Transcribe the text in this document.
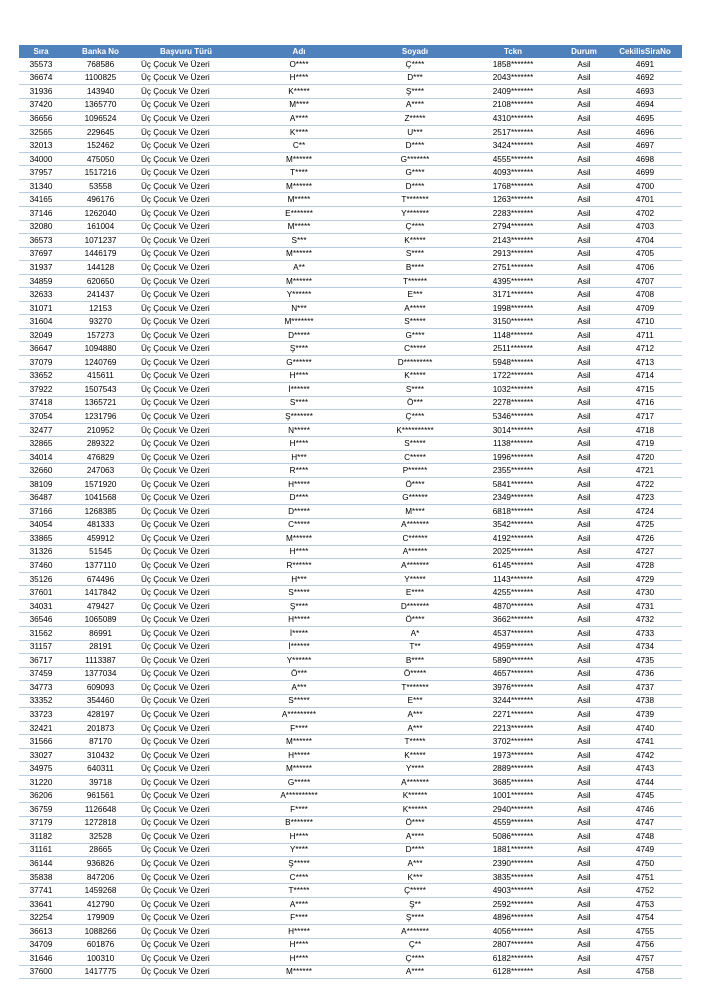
Sıra	Banka No	Başvuru Türü	Adı	Soyadı	Tckn	Durum	CekilisSiraNo
35573	768586	Üç Çocuk Ve Üzeri	O****	Ç****	1858*******	Asil	4691
36674	1100825	Üç Çocuk Ve Üzeri	H****	D***	2043*******	Asil	4692
31936	143940	Üç Çocuk Ve Üzeri	K*****	Ş****	2409*******	Asil	4693
37420	1365770	Üç Çocuk Ve Üzeri	M****	A****	2108*******	Asil	4694
36656	1096524	Üç Çocuk Ve Üzeri	A****	Z*****	4310*******	Asil	4695
32565	229645	Üç Çocuk Ve Üzeri	K****	U***	2517*******	Asil	4696
32013	152462	Üç Çocuk Ve Üzeri	C**	D****	3424*******	Asil	4697
34000	475050	Üç Çocuk Ve Üzeri	M******	G*******	4555*******	Asil	4698
37957	1517216	Üç Çocuk Ve Üzeri	T****	G****	4093*******	Asil	4699
31340	53558	Üç Çocuk Ve Üzeri	M******	D****	1768*******	Asil	4700
34165	496176	Üç Çocuk Ve Üzeri	M*****	T*******	1263*******	Asil	4701
37146	1262040	Üç Çocuk Ve Üzeri	E*******	Y*******	2283*******	Asil	4702
32080	161004	Üç Çocuk Ve Üzeri	M*****	Ç****	2794*******	Asil	4703
36573	1071237	Üç Çocuk Ve Üzeri	S***	K*****	2143*******	Asil	4704
37697	1446179	Üç Çocuk Ve Üzeri	M******	S****	2913*******	Asil	4705
31937	144128	Üç Çocuk Ve Üzeri	A**	B****	2751*******	Asil	4706
34859	620650	Üç Çocuk Ve Üzeri	M******	T******	4395*******	Asil	4707
32633	241437	Üç Çocuk Ve Üzeri	Y******	E***	3171*******	Asil	4708
31071	12153	Üç Çocuk Ve Üzeri	N***	A*****	1998*******	Asil	4709
31604	93270	Üç Çocuk Ve Üzeri	M*******	S*****	3150*******	Asil	4710
32049	157273	Üç Çocuk Ve Üzeri	D*****	G****	1148*******	Asil	4711
36647	1094880	Üç Çocuk Ve Üzeri	Ş****	C*****	2511*******	Asil	4712
37079	1240769	Üç Çocuk Ve Üzeri	G******	D*********	5948*******	Asil	4713
33652	415611	Üç Çocuk Ve Üzeri	H****	K*****	1722*******	Asil	4714
37922	1507543	Üç Çocuk Ve Üzeri	İ******	S****	1032*******	Asil	4715
37418	1365721	Üç Çocuk Ve Üzeri	S****	Ö***	2278*******	Asil	4716
37054	1231796	Üç Çocuk Ve Üzeri	Ş*******	Ç****	5346*******	Asil	4717
32477	210952	Üç Çocuk Ve Üzeri	N*****	K**********	3014*******	Asil	4718
32865	289322	Üç Çocuk Ve Üzeri	H****	S*****	1138*******	Asil	4719
34014	476829	Üç Çocuk Ve Üzeri	H***	C*****	1996*******	Asil	4720
32660	247063	Üç Çocuk Ve Üzeri	R****	P******	2355*******	Asil	4721
38109	1571920	Üç Çocuk Ve Üzeri	H*****	Ö****	5841*******	Asil	4722
36487	1041568	Üç Çocuk Ve Üzeri	D****	G******	2349*******	Asil	4723
37166	1268385	Üç Çocuk Ve Üzeri	D*****	M****	6818*******	Asil	4724
34054	481333	Üç Çocuk Ve Üzeri	C*****	A*******	3542*******	Asil	4725
33865	459912	Üç Çocuk Ve Üzeri	M******	C******	4192*******	Asil	4726
31326	51545	Üç Çocuk Ve Üzeri	H****	A******	2025*******	Asil	4727
37460	1377110	Üç Çocuk Ve Üzeri	R******	A*******	6145*******	Asil	4728
35126	674496	Üç Çocuk Ve Üzeri	H***	Y*****	1143*******	Asil	4729
37601	1417842	Üç Çocuk Ve Üzeri	S*****	E****	4255*******	Asil	4730
34031	479427	Üç Çocuk Ve Üzeri	Ş****	D*******	4870*******	Asil	4731
36546	1065089	Üç Çocuk Ve Üzeri	H*****	Ö****	3662*******	Asil	4732
31562	86991	Üç Çocuk Ve Üzeri	İ*****	A*	4537*******	Asil	4733
31157	28191	Üç Çocuk Ve Üzeri	İ******	T**	4959*******	Asil	4734
36717	1113387	Üç Çocuk Ve Üzeri	Y******	B****	5890*******	Asil	4735
37459	1377034	Üç Çocuk Ve Üzeri	Ö***	Ö*****	4657*******	Asil	4736
34773	609093	Üç Çocuk Ve Üzeri	A***	T*******	3976*******	Asil	4737
33352	354460	Üç Çocuk Ve Üzeri	S*****	E***	3244*******	Asil	4738
33723	428197	Üç Çocuk Ve Üzeri	A*********	A***	2271*******	Asil	4739
32421	201873	Üç Çocuk Ve Üzeri	F****	A***	2213*******	Asil	4740
31566	87170	Üç Çocuk Ve Üzeri	M******	T*****	3702*******	Asil	4741
33027	310432	Üç Çocuk Ve Üzeri	H*****	K*****	1973*******	Asil	4742
34975	640311	Üç Çocuk Ve Üzeri	M******	Y****	2889*******	Asil	4743
31220	39718	Üç Çocuk Ve Üzeri	G*****	A*******	3685*******	Asil	4744
36206	961561	Üç Çocuk Ve Üzeri	A**********	K******	1001*******	Asil	4745
36759	1126648	Üç Çocuk Ve Üzeri	F****	K******	2940*******	Asil	4746
37179	1272818	Üç Çocuk Ve Üzeri	B*******	Ö****	4559*******	Asil	4747
31182	32528	Üç Çocuk Ve Üzeri	H****	A****	5086*******	Asil	4748
31161	28665	Üç Çocuk Ve Üzeri	Y****	D****	1881*******	Asil	4749
36144	936826	Üç Çocuk Ve Üzeri	Ş*****	A***	2390*******	Asil	4750
35838	847206	Üç Çocuk Ve Üzeri	C****	K***	3835*******	Asil	4751
37741	1459268	Üç Çocuk Ve Üzeri	T*****	Ç*****	4903*******	Asil	4752
33641	412790	Üç Çocuk Ve Üzeri	A****	Ş**	2592*******	Asil	4753
32254	179909	Üç Çocuk Ve Üzeri	F****	Ş****	4896*******	Asil	4754
36613	1088266	Üç Çocuk Ve Üzeri	H*****	A*******	4056*******	Asil	4755
34709	601876	Üç Çocuk Ve Üzeri	H****	Ç**	2807*******	Asil	4756
31646	100310	Üç Çocuk Ve Üzeri	H****	Ç****	6182*******	Asil	4757
37600	1417775	Üç Çocuk Ve Üzeri	M******	A****	6128*******	Asil	4758
